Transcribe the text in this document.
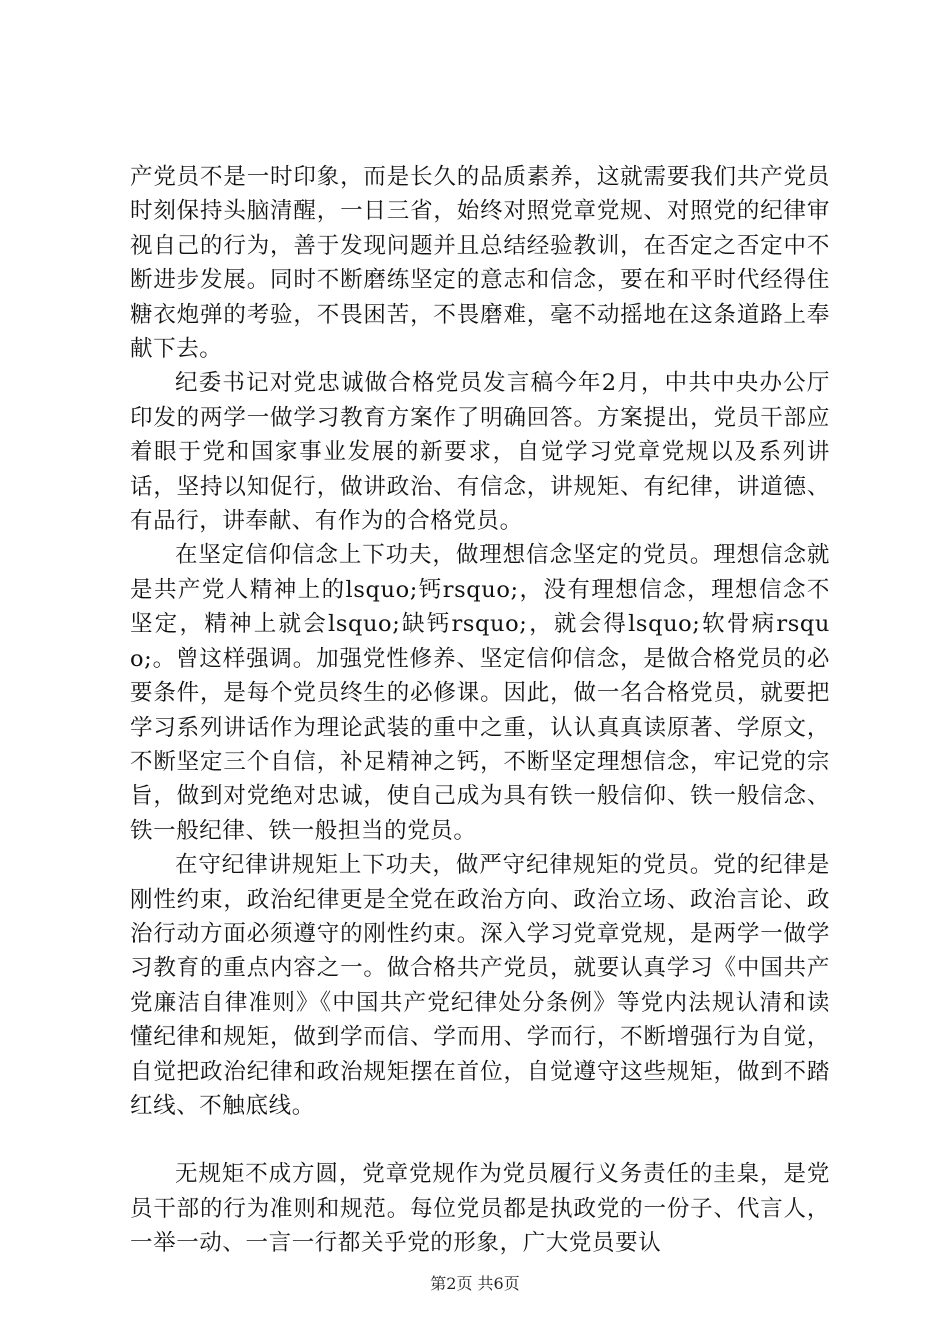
产党员不是一时印象，而是长久的品质素养，这就需要我们共产党员时刻保持头脑清醒，一日三省，始终对照党章党规、对照党的纪律审视自己的行为，善于发现问题并且总结经验教训，在否定之否定中不断进步发展。同时不断磨练坚定的意志和信念，要在和平时代经得住糖衣炮弹的考验，不畏困苦，不畏磨难，毫不动摇地在这条道路上奉献下去。

纪委书记对党忠诚做合格党员发言稿今年2月，中共中央办公厅印发的两学一做学习教育方案作了明确回答。方案提出，党员干部应着眼于党和国家事业发展的新要求，自觉学习党章党规以及系列讲话，坚持以知促行，做讲政治、有信念，讲规矩、有纪律，讲道德、有品行，讲奉献、有作为的合格党员。

在坚定信仰信念上下功夫，做理想信念坚定的党员。理想信念就是共产党人精神上的lsquo;钙rsquo;，没有理想信念，理想信念不坚定，精神上就会lsquo;缺钙rsquo;，就会得lsquo;软骨病rsquo;。曾这样强调。加强党性修养、坚定信仰信念，是做合格党员的必要条件，是每个党员终生的必修课。因此，做一名合格党员，就要把学习系列讲话作为理论武装的重中之重，认认真真读原著、学原文，不断坚定三个自信，补足精神之钙，不断坚定理想信念，牢记党的宗旨，做到对党绝对忠诚，使自己成为具有铁一般信仰、铁一般信念、铁一般纪律、铁一般担当的党员。

在守纪律讲规矩上下功夫，做严守纪律规矩的党员。党的纪律是刚性约束，政治纪律更是全党在政治方向、政治立场、政治言论、政治行动方面必须遵守的刚性约束。深入学习党章党规，是两学一做学习教育的重点内容之一。做合格共产党员，就要认真学习《中国共产党廉洁自律准则》《中国共产党纪律处分条例》等党内法规认清和读懂纪律和规矩，做到学而信、学而用、学而行，不断增强行为自觉，自觉把政治纪律和政治规矩摆在首位，自觉遵守这些规矩，做到不踏红线、不触底线。

无规矩不成方圆，党章党规作为党员履行义务责任的圭臬，是党员干部的行为准则和规范。每位党员都是执政党的一份子、代言人，一举一动、一言一行都关乎党的形象，广大党员要认

第2页 共6页
